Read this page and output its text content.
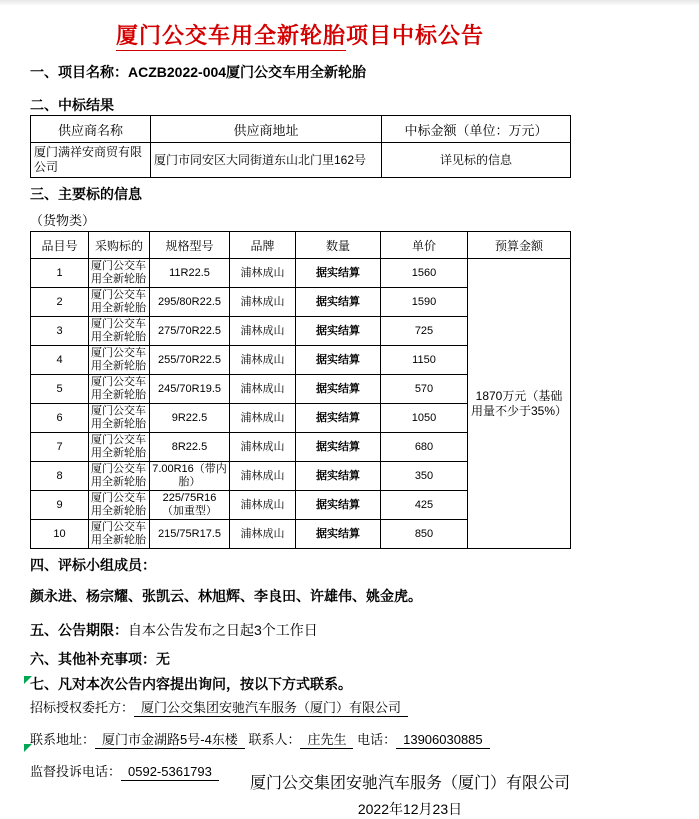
厦门公交车用全新轮胎项目中标公告

一、项目名称：ACZB2022-004厦门公交车用全新轮胎

二、中标结果

供应商名称	供应商地址	中标金额（单位：万元）
厦门满祥安商贸有限公司	厦门市同安区大同街道东山北门里162号	详见标的信息

三、主要标的信息

（货物类）

品目号	采购标的	规格型号	品牌	数量	单价	预算金额
1	厦门公交车用全新轮胎	11R22.5	浦林成山	据实结算	1560	1870万元（基础用量不少于35%）
2	厦门公交车用全新轮胎	295/80R22.5	浦林成山	据实结算	1590	
3	厦门公交车用全新轮胎	275/70R22.5	浦林成山	据实结算	725	
4	厦门公交车用全新轮胎	255/70R22.5	浦林成山	据实结算	1150	
5	厦门公交车用全新轮胎	245/70R19.5	浦林成山	据实结算	570	
6	厦门公交车用全新轮胎	9R22.5	浦林成山	据实结算	1050	
7	厦门公交车用全新轮胎	8R22.5	浦林成山	据实结算	680	
8	厦门公交车用全新轮胎	7.00R16（带内胎）	浦林成山	据实结算	350	
9	厦门公交车用全新轮胎	225/75R16（加重型）	浦林成山	据实结算	425	
10	厦门公交车用全新轮胎	215/75R17.5	浦林成山	据实结算	850	

四、评标小组成员：

颜永进、杨宗耀、张凯云、林旭辉、李良田、许雄伟、姚金虎。

五、公告期限：自本公告发布之日起3个工作日

六、其他补充事项：无

七、凡对本次公告内容提出询问，按以下方式联系。

招标授权委托方： 厦门公交集团安驰汽车服务（厦门）有限公司

联系地址： 厦门市金湖路5号-4东楼 联系人： 庄先生 电话： 13906030885

监督投诉电话： 0592-5361793

厦门公交集团安驰汽车服务（厦门）有限公司

2022年12月23日
